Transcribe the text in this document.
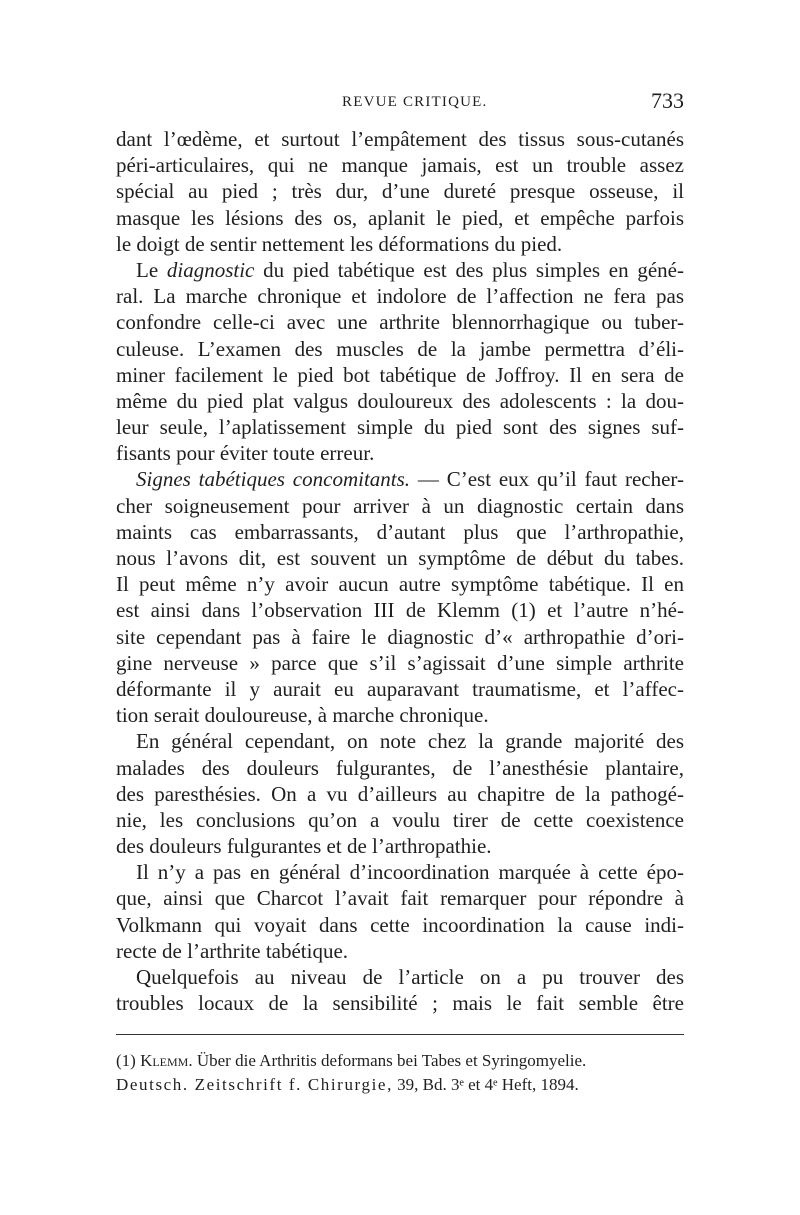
REVUE CRITIQUE.	733
dant l’œdème, et surtout l’empâtement des tissus sous-cutanés
péri-articulaires, qui ne manque jamais, est un trouble assez
spécial au pied ; très dur, d’une dureté presque osseuse, il
masque les lésions des os, aplanit le pied, et empêche parfois
le doigt de sentir nettement les déformations du pied.
Le diagnostic du pied tabétique est des plus simples en géné-
ral. La marche chronique et indolore de l’affection ne fera pas
confondre celle-ci avec une arthrite blennorrhagique ou tuber-
culeuse. L’examen des muscles de la jambe permettra d’éli-
miner facilement le pied bot tabétique de Joffroy. Il en sera de
même du pied plat valgus douloureux des adolescents : la dou-
leur seule, l’aplatissement simple du pied sont des signes suf-
fisants pour éviter toute erreur.
Signes tabétiques concomitants. — C’est eux qu’il faut recher-
cher soigneusement pour arriver à un diagnostic certain dans
maints cas embarrassants, d’autant plus que l’arthropathie,
nous l’avons dit, est souvent un symptôme de début du tabes.
Il peut même n’y avoir aucun autre symptôme tabétique. Il en
est ainsi dans l’observation III de Klemm (1) et l’autre n’hé-
site cependant pas à faire le diagnostic d’« arthropathie d’ori-
gine nerveuse » parce que s’il s’agissait d’une simple arthrite
déformante il y aurait eu auparavant traumatisme, et l’affec-
tion serait douloureuse, à marche chronique.
En général cependant, on note chez la grande majorité des
malades des douleurs fulgurantes, de l’anesthésie plantaire,
des paresthésies. On a vu d’ailleurs au chapitre de la pathogé-
nie, les conclusions qu’on a voulu tirer de cette coexistence
des douleurs fulgurantes et de l’arthropathie.
Il n’y a pas en général d’incoordination marquée à cette épo-
que, ainsi que Charcot l’avait fait remarquer pour répondre à
Volkmann qui voyait dans cette incoordination la cause indi-
recte de l’arthrite tabétique.
Quelquefois au niveau de l’article on a pu trouver des
troubles locaux de la sensibilité ; mais le fait semble être
(1) Klemm. Über die Arthritis deformans bei Tabes et Syringomyelie.
Deutsch. Zeitschrift f. Chirurgie, 39, Bd. 3ᵉ et 4ᵉ Heft, 1894.
